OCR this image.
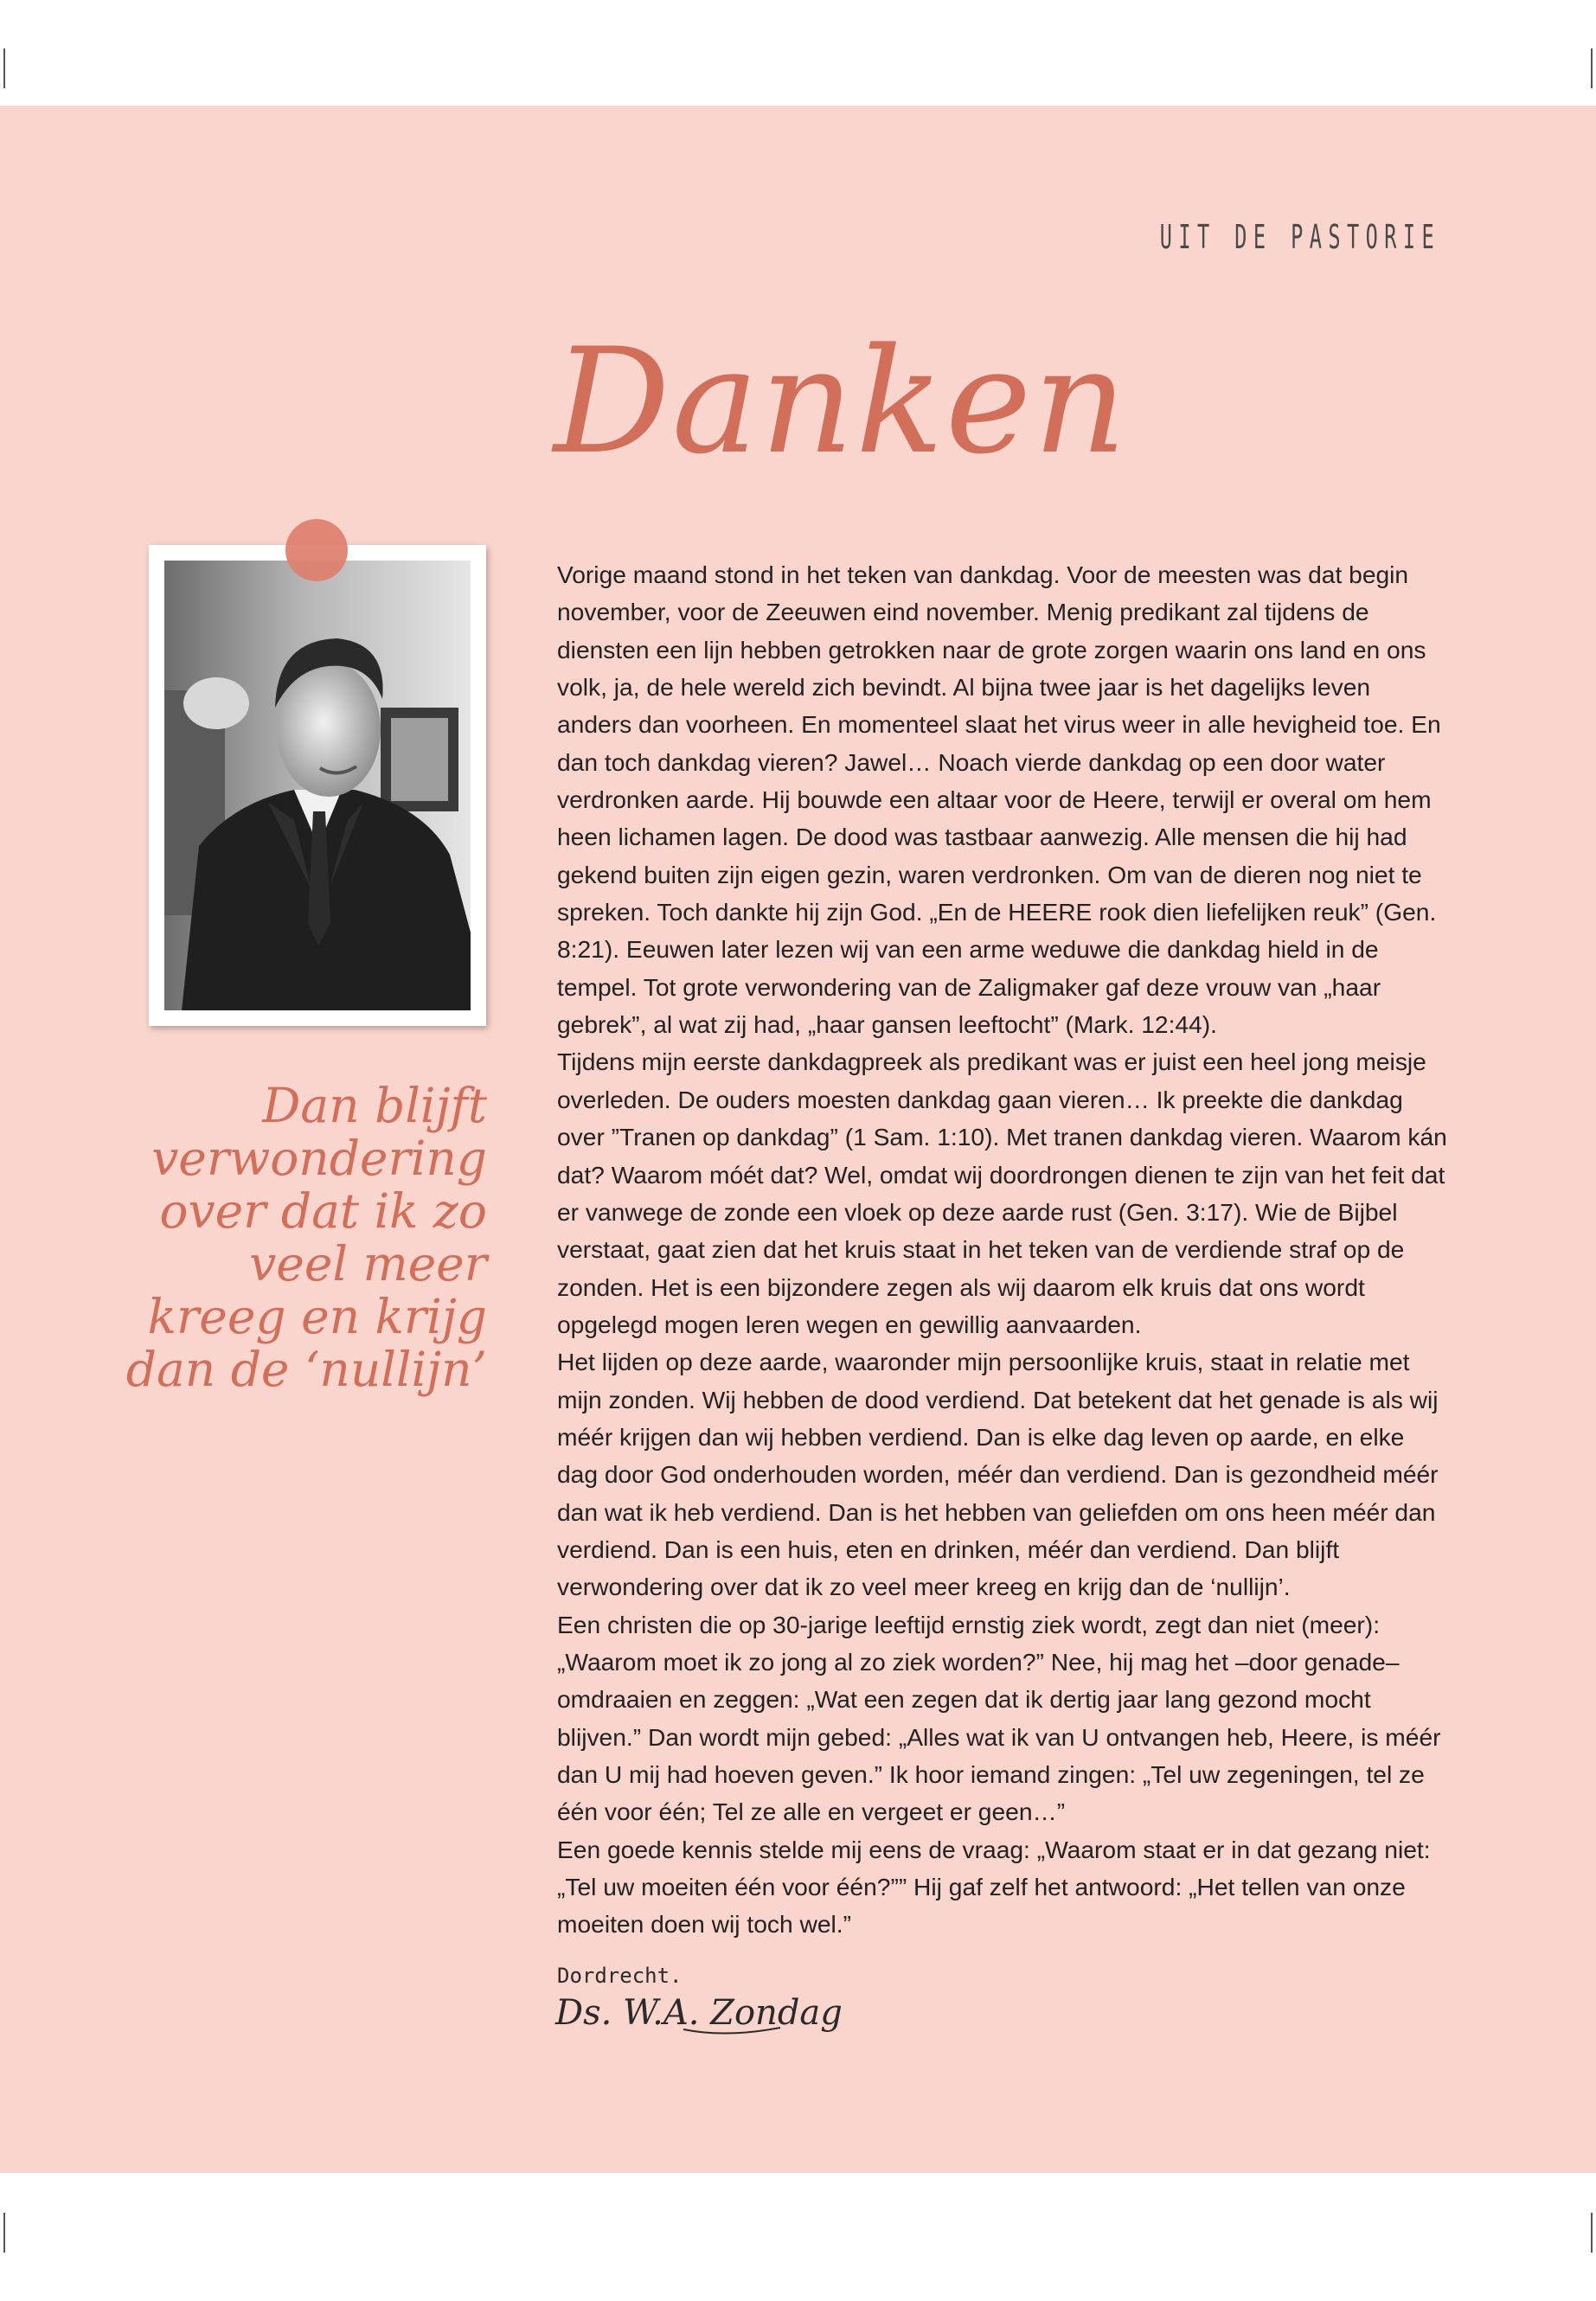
UIT DE PASTORIE
Danken
Dan blijft verwondering over dat ik zo veel meer kreeg en krijg dan de ‘nullijn’

Vorige maand stond in het teken van dankdag. Voor de meesten was dat begin november, voor de Zeeuwen eind november. Menig predikant zal tijdens de diensten een lijn hebben getrokken naar de grote zorgen waarin ons land en ons volk, ja, de hele wereld zich bevindt. Al bijna twee jaar is het dagelijks leven anders dan voorheen. En momenteel slaat het virus weer in alle hevigheid toe. En dan toch dankdag vieren? Jawel… Noach vierde dankdag op een door water verdronken aarde. Hij bouwde een altaar voor de Heere, terwijl er overal om hem heen lichamen lagen. De dood was tastbaar aanwezig. Alle mensen die hij had gekend buiten zijn eigen gezin, waren verdronken. Om van de dieren nog niet te spreken. Toch dankte hij zijn God. „En de HEERE rook dien liefelijken reuk” (Gen. 8:21). Eeuwen later lezen wij van een arme weduwe die dankdag hield in de tempel. Tot grote verwondering van de Zaligmaker gaf deze vrouw van „haar gebrek”, al wat zij had, „haar gansen leeftocht” (Mark. 12:44).

Tijdens mijn eerste dankdagpreek als predikant was er juist een heel jong meisje overleden. De ouders moesten dankdag gaan vieren… Ik preekte die dankdag over ”Tranen op dankdag” (1 Sam. 1:10). Met tranen dankdag vieren. Waarom kán dat? Waarom móét dat? Wel, omdat wij doordrongen dienen te zijn van het feit dat er vanwege de zonde een vloek op deze aarde rust (Gen. 3:17). Wie de Bijbel verstaat, gaat zien dat het kruis staat in het teken van de verdiende straf op de zonden. Het is een bijzondere zegen als wij daarom elk kruis dat ons wordt opgelegd mogen leren wegen en gewillig aanvaarden.

Het lijden op deze aarde, waaronder mijn persoonlijke kruis, staat in relatie met mijn zonden. Wij hebben de dood verdiend. Dat betekent dat het genade is als wij méér krijgen dan wij hebben verdiend. Dan is elke dag leven op aarde, en elke dag door God onderhouden worden, méér dan verdiend. Dan is gezondheid méér dan wat ik heb verdiend. Dan is het hebben van geliefden om ons heen méér dan verdiend. Dan is een huis, eten en drinken, méér dan verdiend. Dan blijft verwondering over dat ik zo veel meer kreeg en krijg dan de ‘nullijn’.

Een christen die op 30-jarige leeftijd ernstig ziek wordt, zegt dan niet (meer): „Waarom moet ik zo jong al zo ziek worden?” Nee, hij mag het –door genade– omdraaien en zeggen: „Wat een zegen dat ik dertig jaar lang gezond mocht blijven.” Dan wordt mijn gebed: „Alles wat ik van U ontvangen heb, Heere, is méér dan U mij had hoeven geven.” Ik hoor iemand zingen: „Tel uw zegeningen, tel ze één voor één; Tel ze alle en vergeet er geen…”

Een goede kennis stelde mij eens de vraag: „Waarom staat er in dat gezang niet: „Tel uw moeiten één voor één?”” Hij gaf zelf het antwoord: „Het tellen van onze moeiten doen wij toch wel.”

Dordrecht.
Ds. W.A. Zondag
